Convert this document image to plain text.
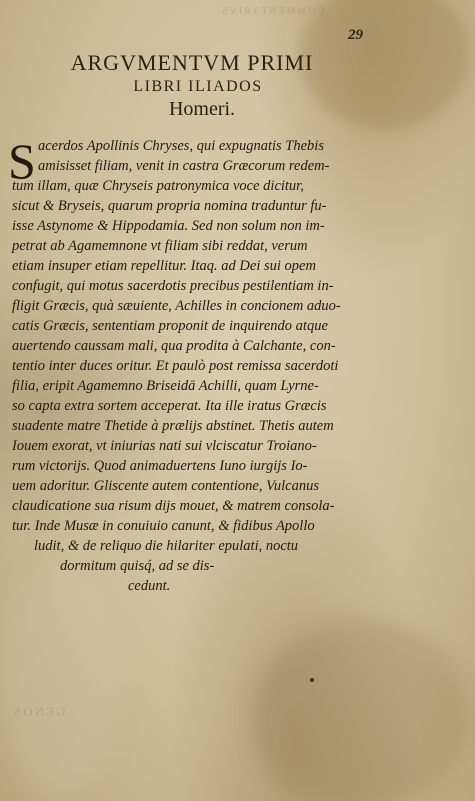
COMMENTARIVS
GENOS
29
ARGVMENTVM PRIMI
LIBRI ILIADOS
Homeri.
S acerdos Apollinis Chryses, qui expugnatis Thebis
amisisset filiam, venit in castra Græcorum redem-
tum illam, quæ Chryseis patronymica voce dicitur,
sicut & Bryseis, quarum propria nomina traduntur fu-
isse Astynome & Hippodamia. Sed non solum non im-
petrat ab Agamemnone vt filiam sibi reddat, verum
etiam insuper etiam repellitur. Itaq. ad Dei sui opem
confugit, qui motus sacerdotis precibus pestilentiam in-
fligit Græcis, quà sæuiente, Achilles in concionem aduo-
catis Græcis, sententiam proponit de inquirendo atque
auertendo caussam mali, qua prodita à Calchante, con-
tentio inter duces oritur. Et paulò post remissa sacerdoti
filia, eripit Agamemno Briseidā Achilli, quam Lyrne-
so capta extra sortem acceperat. Ita ille iratus Græcis
suadente matre Thetide à prælijs abstinet. Thetis autem
Iouem exorat, vt iniurias nati sui vlciscatur Troiano-
rum victorijs. Quod animaduertens Iuno iurgijs Io-
uem adoritur. Gliscente autem contentione, Vulcanus
claudicatione sua risum dijs mouet, & matrem consola-
tur. Inde Musæ in conuiuio canunt, & fidibus Apollo
ludit, & de reliquo die hilariter epulati, noctu
dormitum quisq́, ad se dis-
cedunt.
